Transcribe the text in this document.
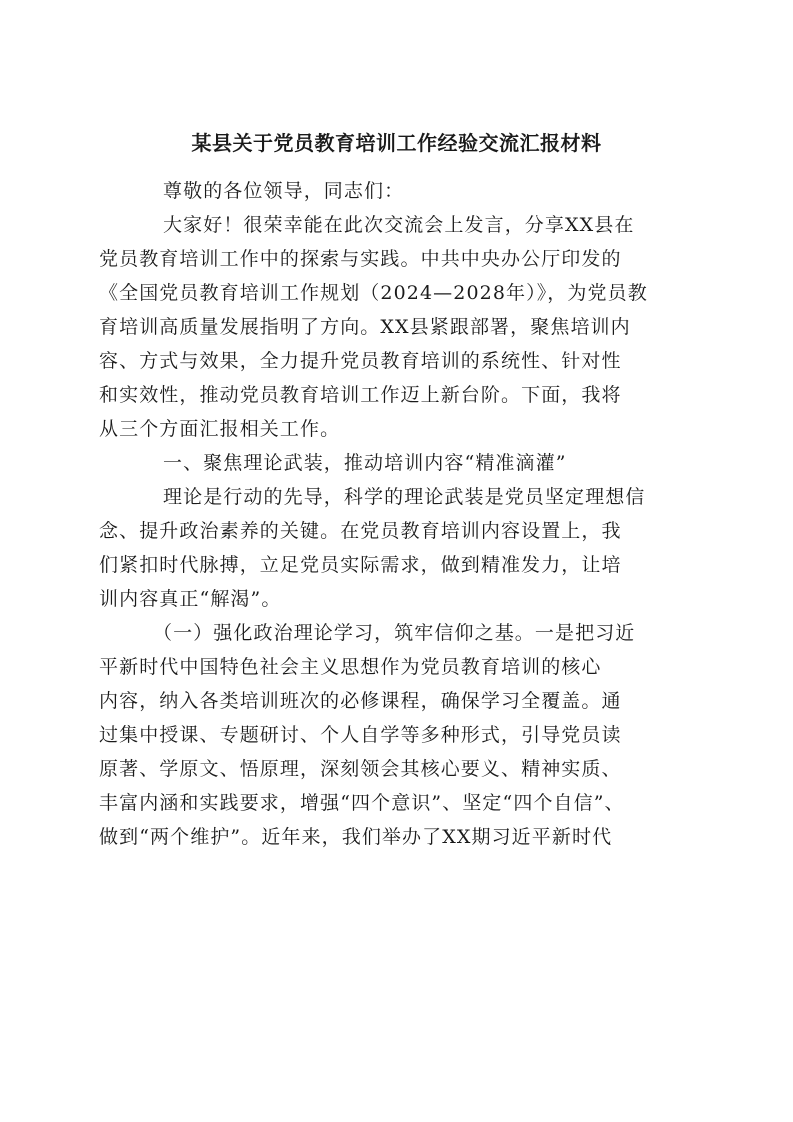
某县关于党员教育培训工作经验交流汇报材料
尊敬的各位领导，同志们：
大家好！很荣幸能在此次交流会上发言，分享XX县在
党员教育培训工作中的探索与实践。中共中央办公厅印发的
《全国党员教育培训工作规划（2024—2028年）》，为党员教
育培训高质量发展指明了方向。XX县紧跟部署，聚焦培训内
容、方式与效果，全力提升党员教育培训的系统性、针对性
和实效性，推动党员教育培训工作迈上新台阶。下面，我将
从三个方面汇报相关工作。
一、聚焦理论武装，推动培训内容“精准滴灌”
理论是行动的先导，科学的理论武装是党员坚定理想信
念、提升政治素养的关键。在党员教育培训内容设置上，我
们紧扣时代脉搏，立足党员实际需求，做到精准发力，让培
训内容真正“解渴”。
（一）强化政治理论学习，筑牢信仰之基。一是把习近
平新时代中国特色社会主义思想作为党员教育培训的核心
内容，纳入各类培训班次的必修课程，确保学习全覆盖。通
过集中授课、专题研讨、个人自学等多种形式，引导党员读
原著、学原文、悟原理，深刻领会其核心要义、精神实质、
丰富内涵和实践要求，增强“四个意识”、坚定“四个自信”、
做到“两个维护”。近年来，我们举办了XX期习近平新时代
